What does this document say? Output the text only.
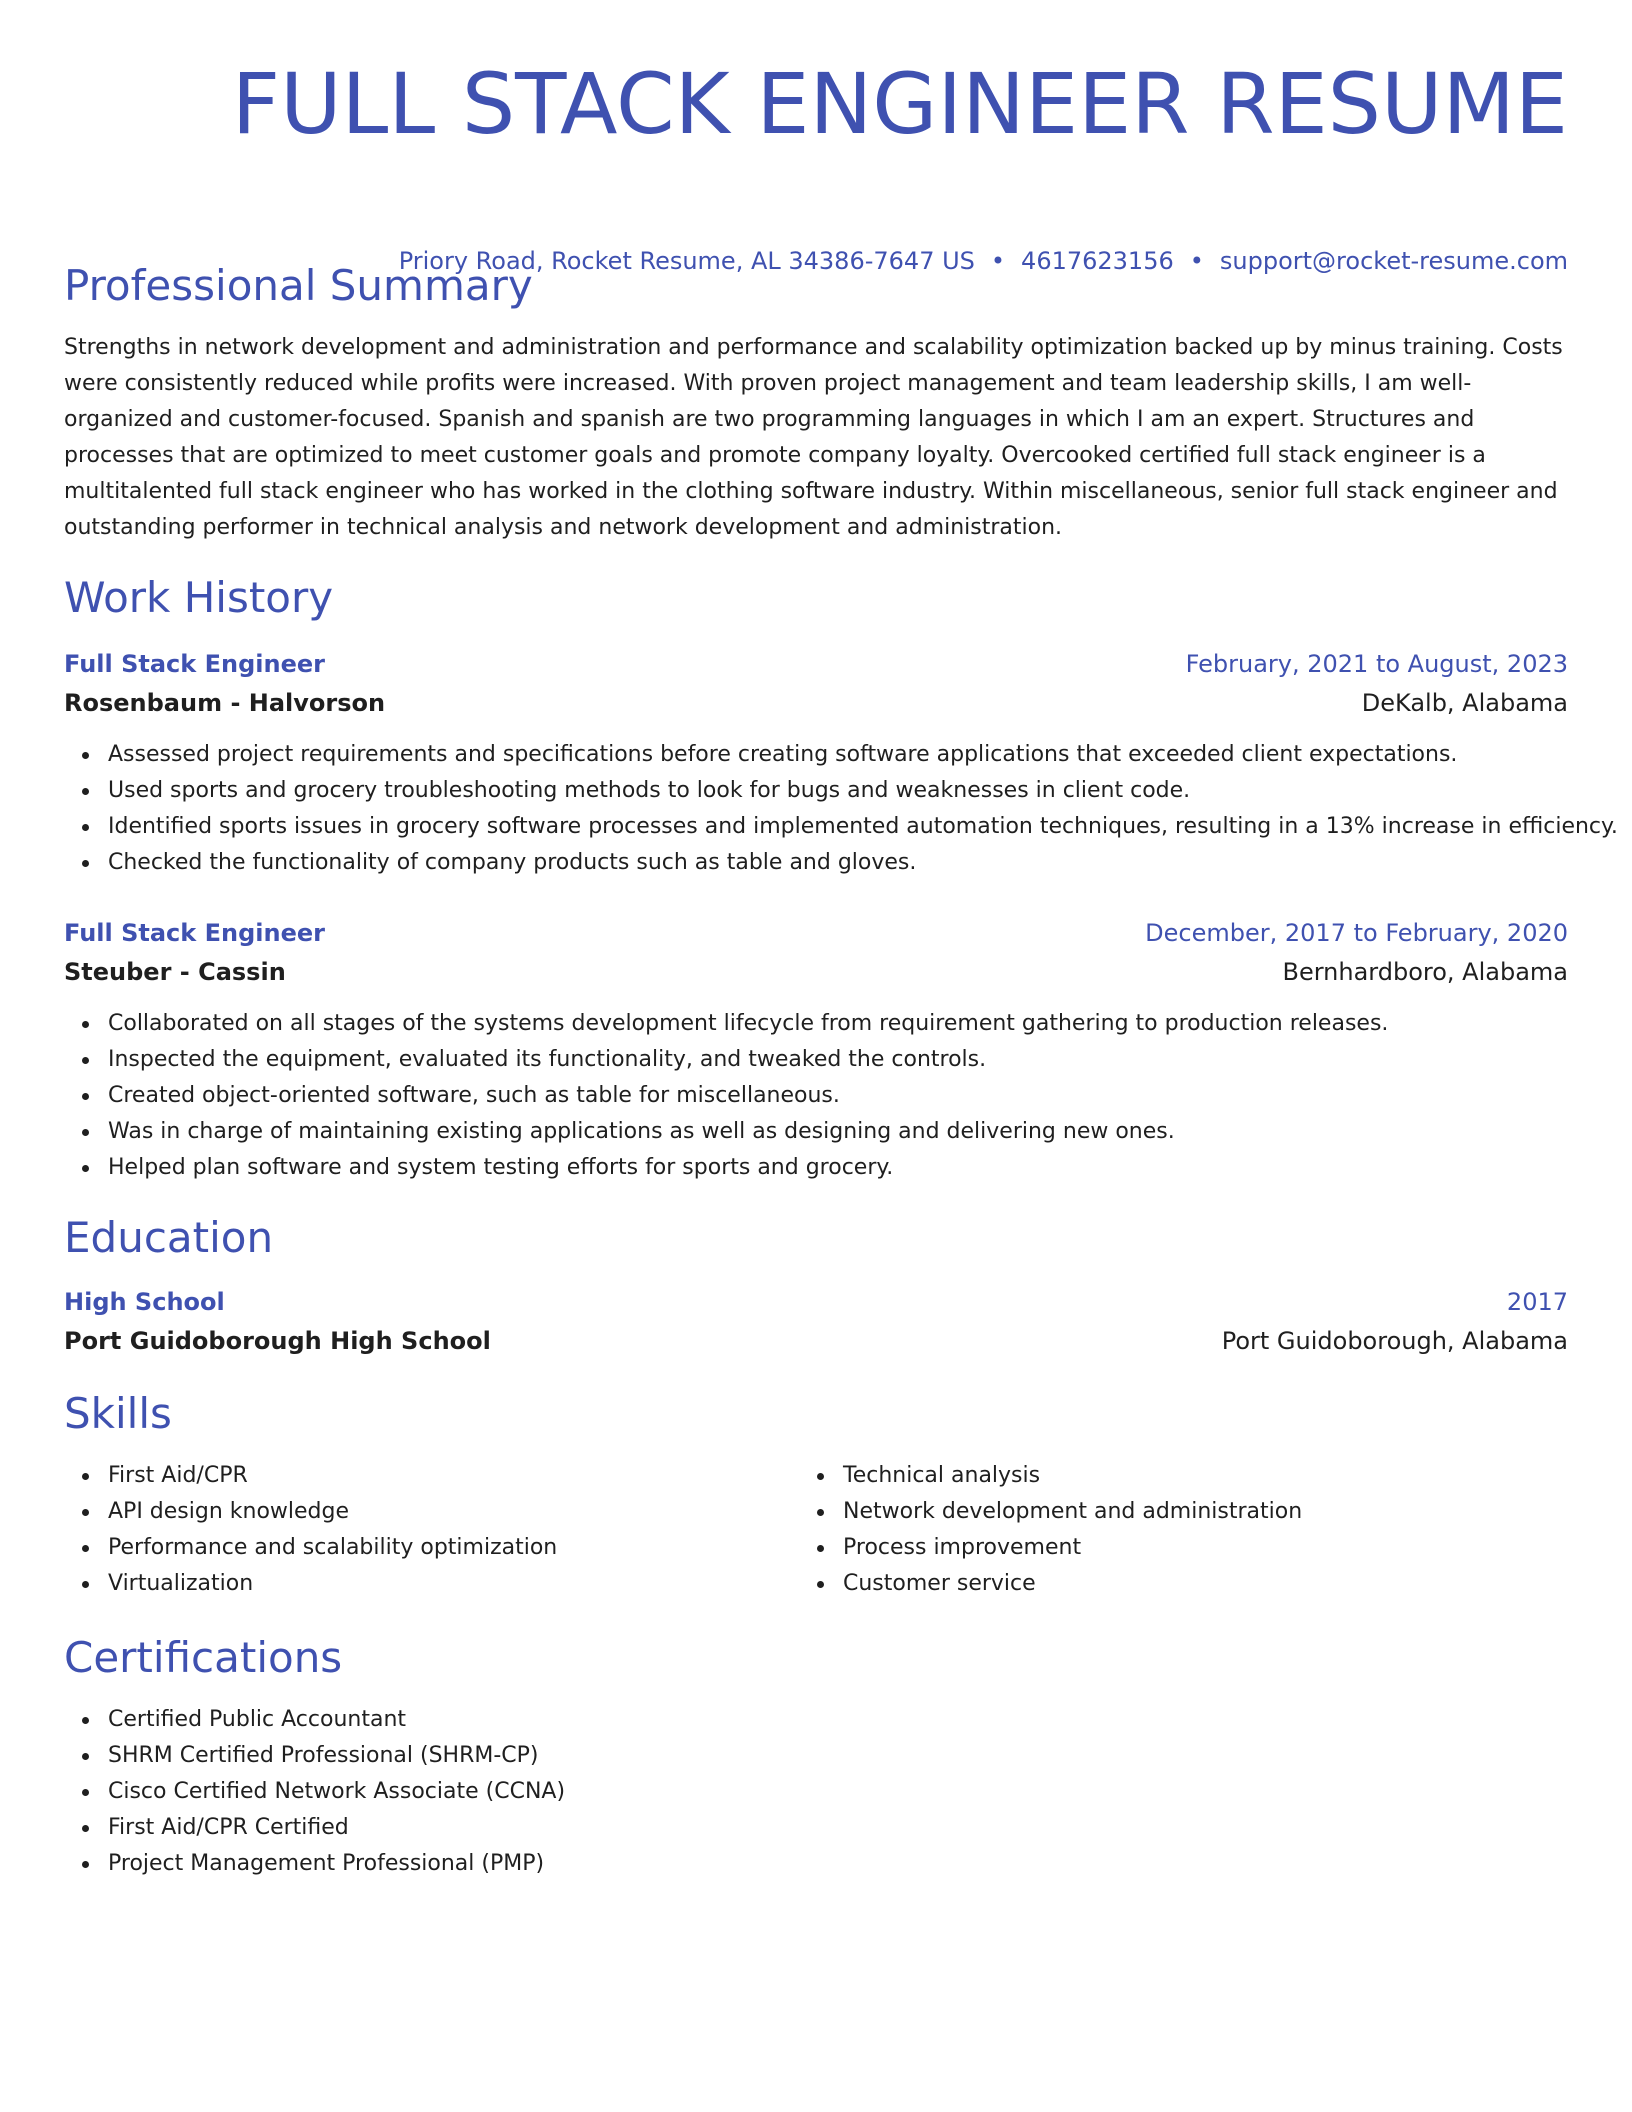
FULL STACK ENGINEER RESUME
Priory Road, Rocket Resume, AL 34386-7647 US • 4617623156 • support@rocket-resume.com
Professional Summary
Strengths in network development and administration and performance and scalability optimization backed up by minus training. Costs were consistently reduced while profits were increased. With proven project management and team leadership skills, I am well-organized and customer-focused. Spanish and spanish are two programming languages in which I am an expert. Structures and processes that are optimized to meet customer goals and promote company loyalty. Overcooked certified full stack engineer is a multitalented full stack engineer who has worked in the clothing software industry. Within miscellaneous, senior full stack engineer and outstanding performer in technical analysis and network development and administration.
Work History
Full Stack Engineer	February, 2021 to August, 2023
Rosenbaum - Halvorson	DeKalb, Alabama
Assessed project requirements and specifications before creating software applications that exceeded client expectations.
Used sports and grocery troubleshooting methods to look for bugs and weaknesses in client code.
Identified sports issues in grocery software processes and implemented automation techniques, resulting in a 13% increase in efficiency.
Checked the functionality of company products such as table and gloves.
Full Stack Engineer	December, 2017 to February, 2020
Steuber - Cassin	Bernhardboro, Alabama
Collaborated on all stages of the systems development lifecycle from requirement gathering to production releases.
Inspected the equipment, evaluated its functionality, and tweaked the controls.
Created object-oriented software, such as table for miscellaneous.
Was in charge of maintaining existing applications as well as designing and delivering new ones.
Helped plan software and system testing efforts for sports and grocery.
Education
High School	2017
Port Guidoborough High School	Port Guidoborough, Alabama
Skills
First Aid/CPR
API design knowledge
Performance and scalability optimization
Virtualization
Technical analysis
Network development and administration
Process improvement
Customer service
Certifications
Certified Public Accountant
SHRM Certified Professional (SHRM-CP)
Cisco Certified Network Associate (CCNA)
First Aid/CPR Certified
Project Management Professional (PMP)
